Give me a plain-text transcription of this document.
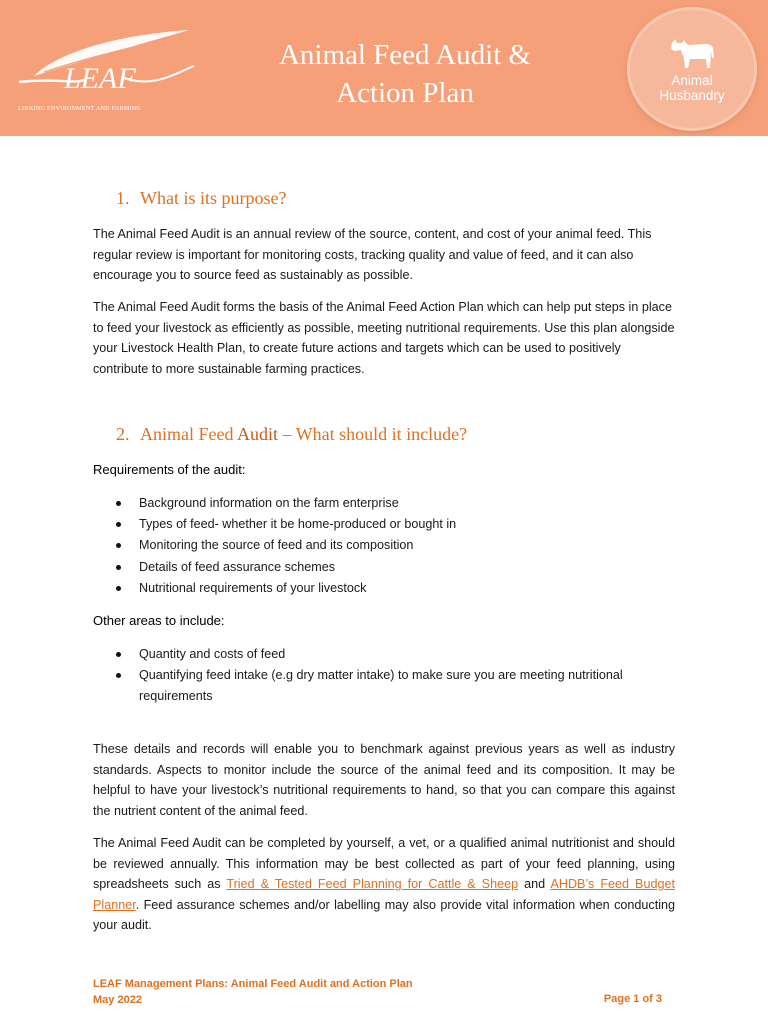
LEAF
LINKING ENVIRONMENT AND FARMING
Animal Feed Audit &
Action Plan	Animal
Husbandry
1. What is its purpose?
The Animal Feed Audit is an annual review of the source, content, and cost of your animal feed. This regular review is important for monitoring costs, tracking quality and value of feed, and it can also encourage you to source feed as sustainably as possible.
The Animal Feed Audit forms the basis of the Animal Feed Action Plan which can help put steps in place to feed your livestock as efficiently as possible, meeting nutritional requirements. Use this plan alongside your Livestock Health Plan, to create future actions and targets which can be used to positively contribute to more sustainable farming practices.
2. Animal Feed Audit – What should it include?
Requirements of the audit:
Background information on the farm enterprise
Types of feed- whether it be home-produced or bought in
Monitoring the source of feed and its composition
Details of feed assurance schemes
Nutritional requirements of your livestock
Other areas to include:
Quantity and costs of feed
Quantifying feed intake (e.g dry matter intake) to make sure you are meeting nutritional requirements
These details and records will enable you to benchmark against previous years as well as industry standards. Aspects to monitor include the source of the animal feed and its composition. It may be helpful to have your livestock’s nutritional requirements to hand, so that you can compare this against the nutrient content of the animal feed.
The Animal Feed Audit can be completed by yourself, a vet, or a qualified animal nutritionist and should be reviewed annually. This information may be best collected as part of your feed planning, using spreadsheets such as Tried & Tested Feed Planning for Cattle & Sheep and AHDB’s Feed Budget Planner. Feed assurance schemes and/or labelling may also provide vital information when conducting your audit.
LEAF Management Plans: Animal Feed Audit and Action Plan
May 2022	Page 1 of 3
